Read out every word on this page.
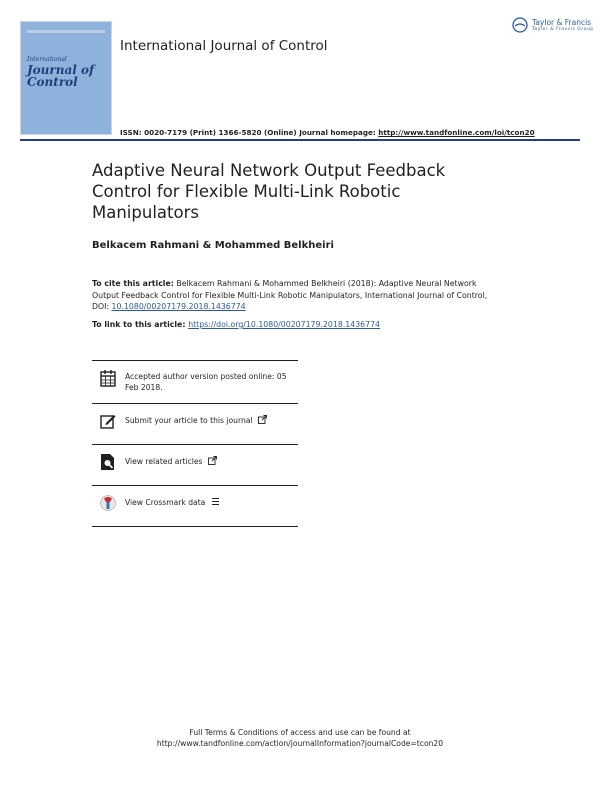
International
Journal of Control
International Journal of Control
Taylor & Francis
Taylor & Francis Group
ISSN: 0020-7179 (Print) 1366-5820 (Online) Journal homepage: http://www.tandfonline.com/loi/tcon20
Adaptive Neural Network Output Feedback Control for Flexible Multi-Link Robotic Manipulators
Belkacem Rahmani & Mohammed Belkheiri
To cite this article: Belkacem Rahmani & Mohammed Belkheiri (2018): Adaptive Neural Network Output Feedback Control for Flexible Multi-Link Robotic Manipulators, International Journal of Control, DOI: 10.1080/00207179.2018.1436774
To link to this article: https://doi.org/10.1080/00207179.2018.1436774
Accepted author version posted online: 05 Feb 2018.
Submit your article to this journal
View related articles
View Crossmark data
Full Terms & Conditions of access and use can be found at
http://www.tandfonline.com/action/journalInformation?journalCode=tcon20
